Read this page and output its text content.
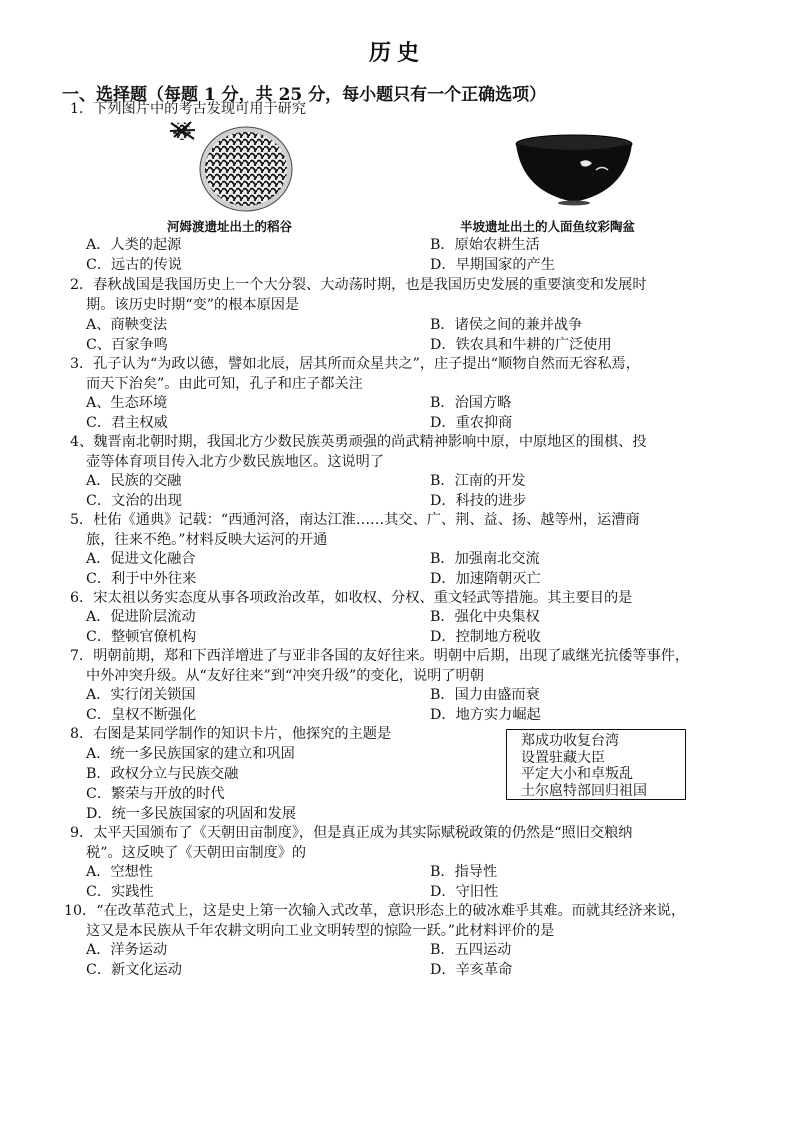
历史
一、选择题（每题 1 分，共 25 分，每小题只有一个正确选项）
1．下列图片中的考古发现可用于研究
河姆渡遗址出土的稻谷	半坡遗址出土的人面鱼纹彩陶盆
A．人类的起源	B．原始农耕生活
C．远古的传说	D．早期国家的产生
2．春秋战国是我国历史上一个大分裂、大动荡时期，也是我国历史发展的重要演变和发展时
期。该历史时期“变”的根本原因是
A、商鞅变法	B．诸侯之间的兼并战争
C、百家争鸣	D．铁农具和牛耕的广泛使用
3．孔子认为“为政以德，譬如北辰，居其所而众星共之”，庄子提出“顺物自然而无容私焉，
而天下治矣”。由此可知，孔子和庄子都关注
A、生态环境	B．治国方略
C．君主权威	D．重农抑商
4、魏晋南北朝时期，我国北方少数民族英勇顽强的尚武精神影响中原，中原地区的围棋、投
壶等体育项目传入北方少数民族地区。这说明了
A．民族的交融	B．江南的开发
C．文治的出现	D．科技的进步
5．杜佑《通典》记载：“西通河洛，南达江淮……其交、广、荆、益、扬、越等州，运漕商
旅，往来不绝。”材料反映大运河的开通
A．促进文化融合	B．加强南北交流
C．利于中外往来	D．加速隋朝灭亡
6．宋太祖以务实态度从事各项政治改革，如收权、分权、重文轻武等措施。其主要目的是
A．促进阶层流动	B．强化中央集权
C．整顿官僚机构	D．控制地方税收
7．明朝前期，郑和下西洋增进了与亚非各国的友好往来。明朝中后期，出现了戚继光抗倭等事件，
中外冲突升级。从“友好往来”到“冲突升级”的变化，说明了明朝
A．实行闭关锁国	B．国力由盛而衰
C．皇权不断强化	D．地方实力崛起
8．右图是某同学制作的知识卡片，他探究的主题是
A．统一多民族国家的建立和巩固
B．政权分立与民族交融
C．繁荣与开放的时代
D．统一多民族国家的巩固和发展
郑成功收复台湾
设置驻藏大臣
平定大小和卓叛乱
土尔扈特部回归祖国
9．太平天国颁布了《天朝田亩制度》，但是真正成为其实际赋税政策的仍然是“照旧交粮纳
税”。这反映了《天朝田亩制度》的
A．空想性	B．指导性
C．实践性	D．守旧性
10．“在改革范式上，这是史上第一次输入式改革，意识形态上的破冰难乎其难。而就其经济来说，
这又是本民族从千年农耕文明向工业文明转型的惊险一跃。”此材料评价的是
A．洋务运动	B．五四运动
C．新文化运动	D．辛亥革命
